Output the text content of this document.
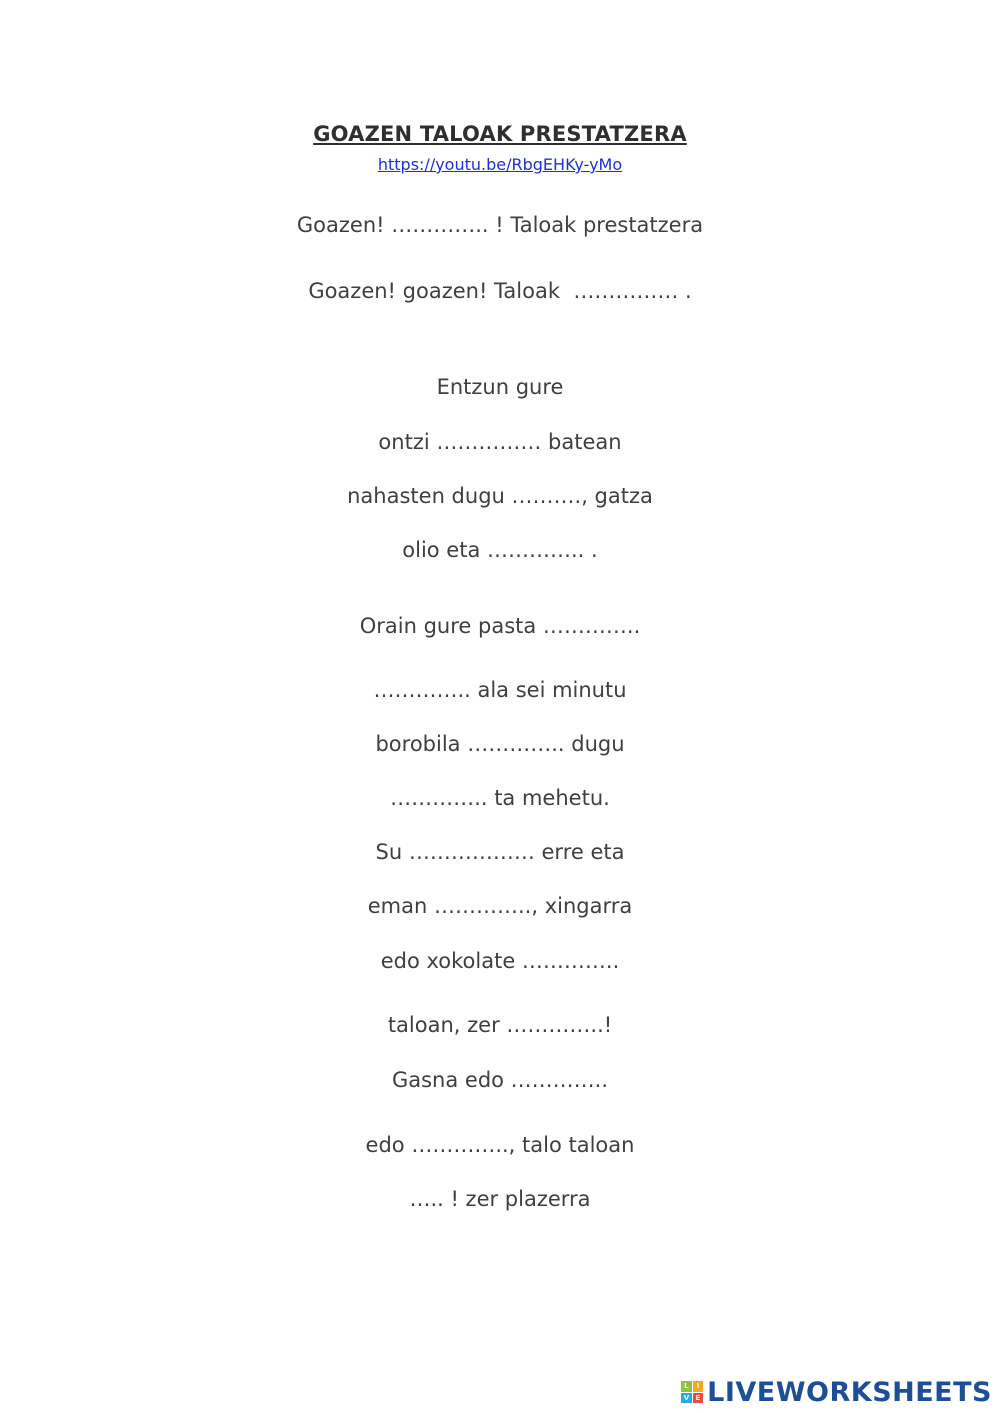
GOAZEN TALOAK PRESTATZERA
https://youtu.be/RbgEHKy-yMo
Goazen! ………….. ! Taloak prestatzera
Goazen! goazen! Taloak  …………… .
Entzun gure
ontzi …………… batean
nahasten dugu ………., gatza
olio eta ………….. .
Orain gure pasta …………..
………….. ala sei minutu
borobila ………….. dugu
………….. ta mehetu.
Su ……………… erre eta
eman ………….., xingarra
edo xokolate …………..
taloan, zer …………..!
Gasna edo …………..
edo ………….., talo taloan
….. ! zer plazerra
L	I
V E LIVEWORKSHEETS
